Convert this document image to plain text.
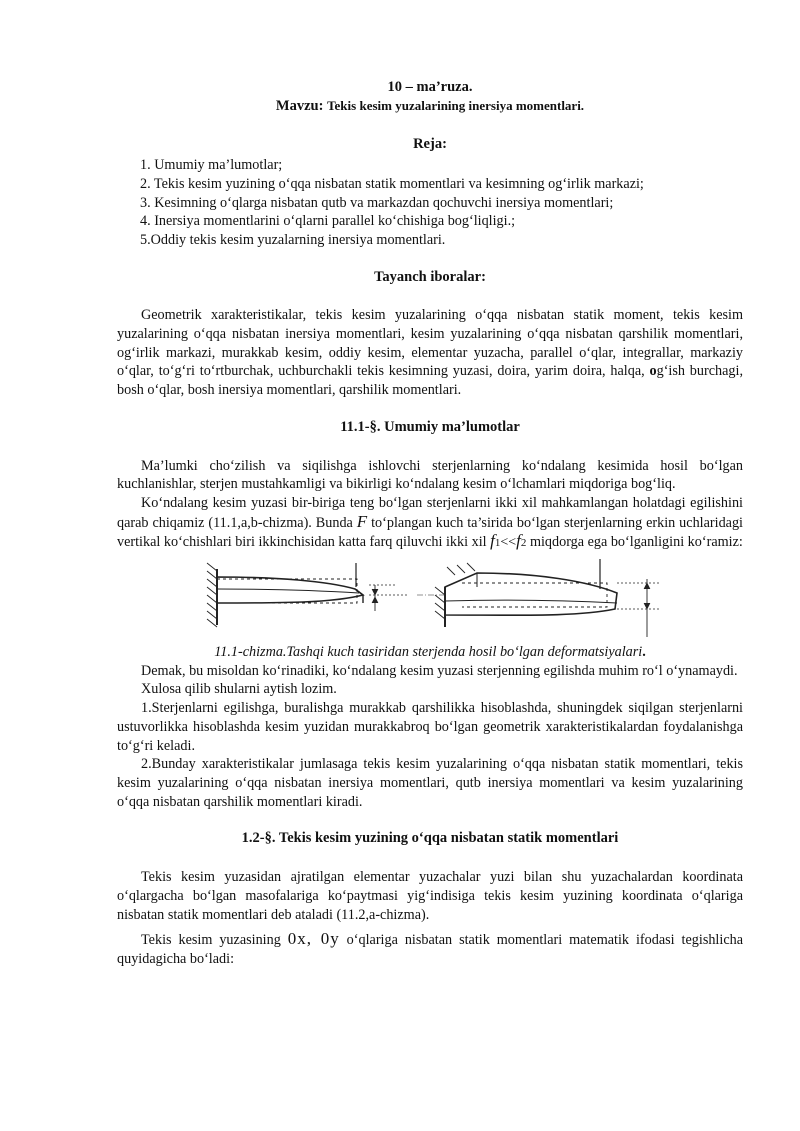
10 – ma’ruza.
Mavzu: Tekis kesim yuzalarining inersiya momentlari.
Reja:
1. Umumiy ma’lumotlar;
2. Tekis kesim yuzining o‘qqa nisbatan statik momentlari va kesimning og‘irlik markazi;
3. Kesimning o‘qlarga nisbatan qutb va markazdan qochuvchi inersiya momentlari;
4. Inersiya momentlarini o‘qlarni parallel ko‘chishiga bog‘liqligi.;
5.Oddiy tekis kesim yuzalarning inersiya momentlari.
Tayanch iboralar:

Geometrik xarakteristikalar, tekis kesim yuzalarining o‘qqa nisbatan statik moment, tekis kesim yuzalarining o‘qqa nisbatan inersiya momentlari, kesim yuzalarining o‘qqa nisbatan qarshilik momentlari, og‘irlik markazi, murakkab kesim, oddiy kesim, elementar yuzacha, parallel o‘qlar, integrallar, markaziy o‘qlar, to‘g‘ri to‘rtburchak, uchburchakli tekis kesimning yuzasi, doira, yarim doira, halqa, og‘ish burchagi, bosh o‘qlar, bosh inersiya momentlari, qarshilik momentlari.

11.1-§. Umumiy ma’lumotlar

Ma’lumki cho‘zilish va siqilishga ishlovchi sterjenlarning ko‘ndalang kesimida hosil bo‘lgan kuchlanishlar, sterjen mustahkamligi va bikirligi ko‘ndalang kesim o‘lchamlari miqdoriga bog‘liq.

Ko‘ndalang kesim yuzasi bir-biriga teng bo‘lgan sterjenlarni ikki xil mahkamlangan holatdagi egilishini qarab chiqamiz (11.1,a,b-chizma). Bunda F to‘plangan kuch ta’sirida bo‘lgan sterjenlarning erkin uchlaridagi vertikal ko‘chishlari biri ikkinchisidan katta farq qiluvchi ikki xil f1<<f2 miqdorga ega bo‘lganligini ko‘ramiz:

11.1-chizma.Tashqi kuch tasiridan sterjenda hosil bo‘lgan deformatsiyalari.

Demak, bu misoldan ko‘rinadiki, ko‘ndalang kesim yuzasi sterjenning egilishda muhim ro‘l o‘ynamaydi.

Xulosa qilib shularni aytish lozim.

1.Sterjenlarni egilishga, buralishga murakkab qarshilikka hisoblashda, shuningdek siqilgan sterjenlarni ustuvorlikka hisoblashda kesim yuzidan murakkabroq bo‘lgan geometrik xarakteristikalardan foydalanishga to‘g‘ri keladi.

2.Bunday xarakteristikalar jumlasaga tekis kesim yuzalarining o‘qqa nisbatan statik momentlari, tekis kesim yuzalarining o‘qqa nisbatan inersiya momentlari, qutb inersiya momentlari va kesim yuzalarining o‘qqa nisbatan qarshilik momentlari kiradi.

1.2-§. Tekis kesim yuzining o‘qqa nisbatan statik momentlari

Tekis kesim yuzasidan ajratilgan elementar yuzachalar yuzi bilan shu yuzachalardan koordinata o‘qlargacha bo‘lgan masofalariga ko‘paytmasi yig‘indisiga tekis kesim yuzining koordinata o‘qlariga nisbatan statik momentlari deb ataladi (11.2,a-chizma).

Tekis kesim yuzasining 0x, 0y o‘qlariga nisbatan statik momentlari matematik ifodasi tegishlicha quyidagicha bo‘ladi:
